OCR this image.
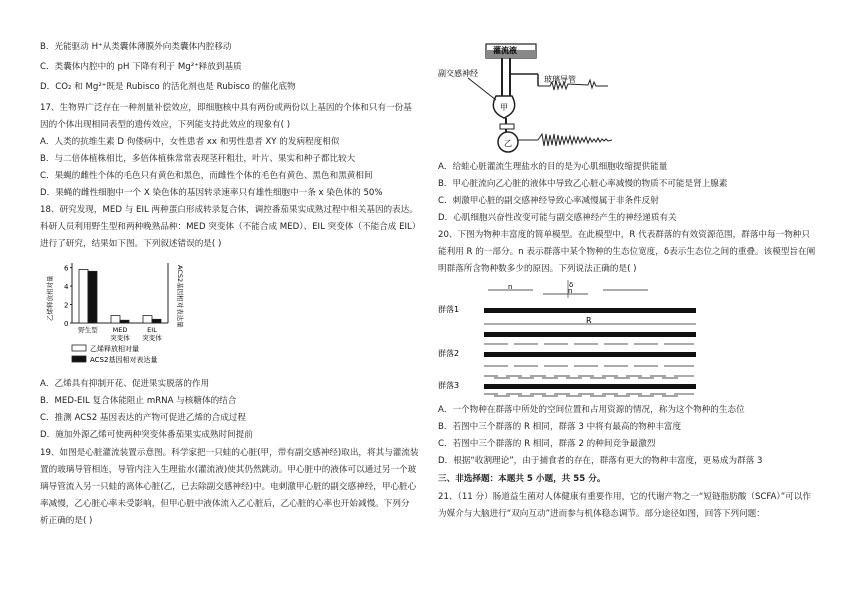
B．光能驱动 H⁺从类囊体薄膜外向类囊体内腔移动
C．类囊体内腔中的 pH 下降有利于 Mg²⁺释放到基质
D．CO₂ 和 Mg²⁺既是 Rubisco 的活化剂也是 Rubisco 的催化底物
17、生物界广泛存在一种剂量补偿效应，即细胞核中具有两份或两份以上基因的个体和只有一份基
因的个体出现相同表型的遗传效应，下列能支持此效应的现象有( )
A．人类的抗维生素 D 佝偻病中，女性患者 xx 和男性患者 XY 的发病程度相似
B．与二倍体植株相比，多倍体植株常常表现茎秆粗壮，叶片、果实和种子都比较大
C．果蝇的雌性个体的毛色只有黄色和黑色，而雌性个体的毛色有黄色、黑色和黑黄相间
D．果蝇的雌性细胞中一个 X 染色体的基因转录速率只有雄性细胞中一条 x 染色体的 50%
18、研究发现，MED 与 EIL 两种蛋白形成转录复合体，调控番茄果实成熟过程中相关基因的表达。
科研人员利用野生型和两种晚熟品种：MED 突变体（不能合成 MED）、EIL 突变体（不能合成 EIL）
进行了研究，结果如下图。下列叙述错误的是( )
6
4
2
0
乙烯释放相对量	ACS2基因相对表达量
野生型 MED
突变体
EIL
突变体
乙烯释放相对量
ACS2基因相对表达量
A．乙烯具有抑制开花、促进果实脱落的作用
B．MED-EIL 复合体能阻止 mRNA 与核糖体的结合
C．推测 ACS2 基因表达的产物可促进乙烯的合成过程
D．施加外源乙烯可使两种突变体番茄果实成熟时间提前
19、如图是心脏灌流装置示意图。科学家把一只蛙的心脏(甲，带有副交感神经)取出，将其与灌流装
置的玻璃导管相连，导管内注入生理盐水(灌流液)使其仍然跳动。甲心脏中的液体可以通过另一个玻
璃导管流入另一只蛙的离体心脏(乙，已去除副交感神经)中。电刺激甲心脏的副交感神经，甲心脏心
率减慢，乙心脏心率未受影响，但甲心脏中液体流入乙心脏后，乙心脏的心率也开始减慢。下列分
析正确的是( )
灌流液
甲
副交感神经
玻璃导管
乙
A．给蛙心脏灌流生理盐水的目的是为心肌细胞收缩提供能量
B．甲心脏流向乙心脏的液体中导致乙心脏心率减慢的物质不可能是肾上腺素
C．刺激甲心脏的副交感神经导致心率减慢属于非条件反射
D．心肌细胞兴奋性改变可能与副交感神经产生的神经递质有关
20、下图为物种丰富度的简单模型。在此模型中，R 代表群落的有效资源范围，群落中每一物种只
能利用 R 的一部分。n 表示群落中某个物种的生态位宽度，δ表示生态位之间的重叠。该模型旨在阐
明群落所含物种数多少的原因。下列说法正确的是( )
n	n
δ
群落1
R
群落2
群落3
A．一个物种在群落中所处的空间位置和占用资源的情况，称为这个物种的生态位
B．若图中三个群落的 R 相同，群落 3 中将有最高的物种丰富度
C．若图中三个群落的 R 相同，群落 2 的种间竞争最激烈
D．根据“收割理论”，由于捕食者的存在，群落有更大的物种丰富度，更易成为群落 3
三、非选择题：本题共 5 小题，共 55 分。
21、（11 分）肠道益生菌对人体健康有重要作用，它的代谢产物之一“短链脂肪酸（SCFA）”可以作
为媒介与大脑进行“双向互动”进而参与机体稳态调节。部分途径如图，回答下列问题：
